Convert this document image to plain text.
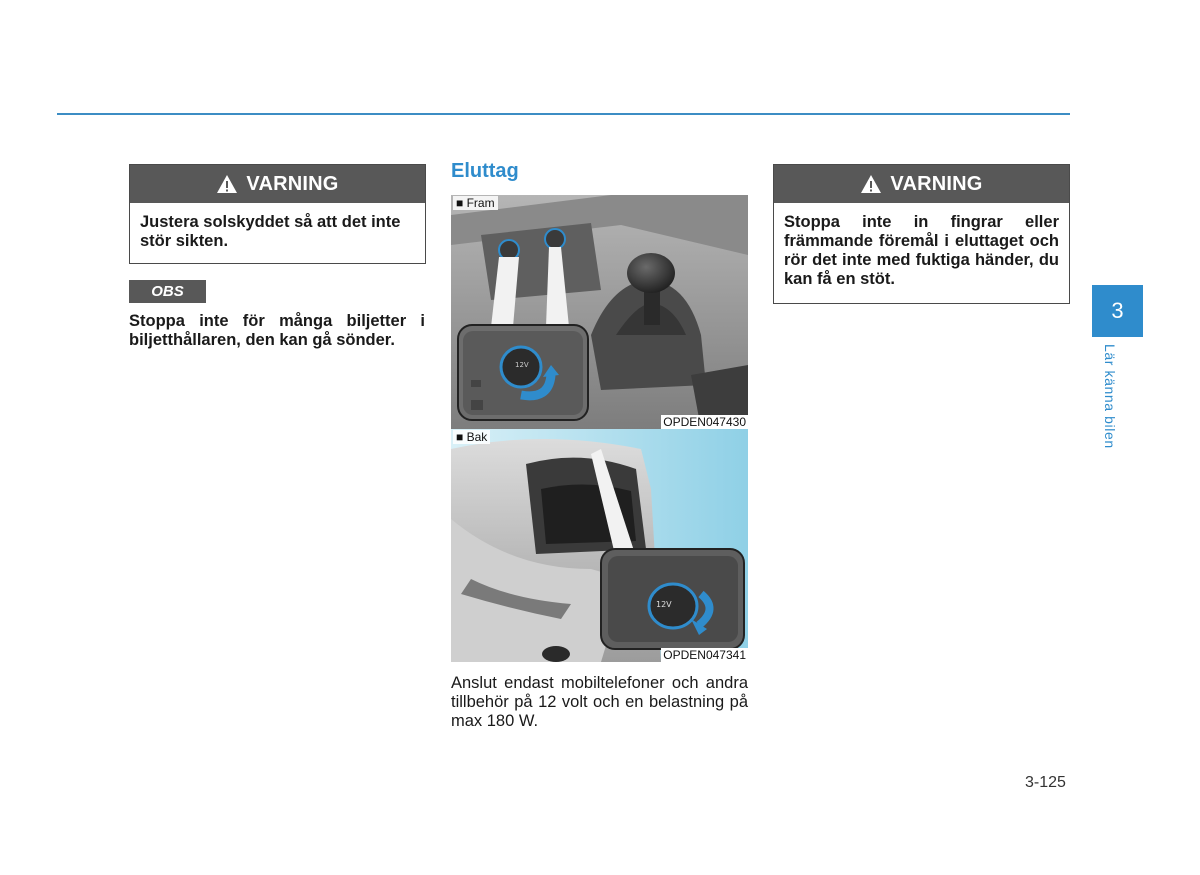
VARNING
Justera solskyddet så att det inte stör sikten.
OBS
Stoppa inte för många biljetter i biljetthållaren, den kan gå sönder.
Eluttag
12V
■ Fram
OPDEN047430
12V
■ Bak
OPDEN047341
Anslut endast mobiltelefoner och andra tillbehör på 12 volt och en belastning på max 180 W.
VARNING
Stoppa inte in fingrar eller främmande föremål i eluttaget och rör det inte med fuktiga händer, du kan få en stöt.
3
Lär känna bilen
3-125
